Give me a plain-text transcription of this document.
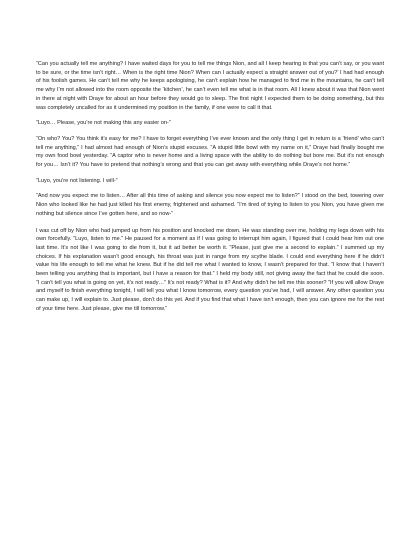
“Can you actually tell me anything? I have waited days for you to tell me things Nion, and all I keep hearing is that you can’t say, or you want to be sure, or the time isn’t right… When is the right time Nion? When can I actually expect a straight answer out of you?’ I had had enough of his foolish games. He can’t tell me why he keeps apologising, he can’t explain how he managed to find me in the mountains, he can’t tell me why I’m not allowed into the room opposite the ‘kitchen’, he can’t even tell me what is in that room. All I knew about it was that Nion went in there at night with Draye for about an hour before they would go to sleep. The first night I expected them to be doing something, but this was completely uncalled for as it undermined my position in the family, if one were to call it that.

“Luyo… Please, you’re not making this any easier on-”

“On who? You? You think it’s easy for me? I have to forget everything I’ve ever known and the only thing I get in return is a ‘friend’ who can’t tell me anything,” I had almost had enough of Nion’s stupid excuses. “A stupid little bowl with my name on it,” Draye had finally bought me my own food bowl yesterday. “A captor who is never home and a living space with the ability to do nothing but bore me. But it’s not enough for you… Isn’t it? You have to pretend that nothing’s wrong and that you can get away with everything while Draye’s not home.”

“Luyo, you’re not listening. I will-”

“And now you expect me to listen… After all this time of asking and silence you now expect me to listen?” I stood on the bed, towering over Nion who looked like he had just killed his first enemy, frightened and ashamed. “I’m tired of trying to listen to you Nion, you have given me nothing but silence since I’ve gotten here, and so now-”

I was cut off by Nion who had jumped up from his position and knocked me down. He was standing over me, holding my legs down with his own forcefully. “Luyo, listen to me.” He paused for a moment as if I was going to interrupt him again, I figured that I could hear him out one last time. It’s not like I was going to die from it, but it ad better be worth it. “Please, just give me a second to explain.” I summed up my choices. If his explanation wasn’t good enough, his throat was just in range from my scythe blade. I could end everything here if he didn’t value his life enough to tell me what he knew. But if he did tell me what I wanted to know, I wasn’t prepared for that. “I know that I haven’t been telling you anything that is important, but I have a reason for that.” I held my body still, not giving away the fact that he could die soon. “I can’t tell you what is going on yet, it’s not ready…” It’s not ready? What is it? And why didn’t he tell me this sooner? “If you will allow Draye and myself to finish everything tonight, I will tell you what I know tomorrow, every question you’ve had, I will answer. Any other question you can make up, I will explain to. Just please, don’t do this yet. And if you find that what I have isn’t enough, then you can ignore me for the rest of your time here. Just please, give me till tomorrow.”
